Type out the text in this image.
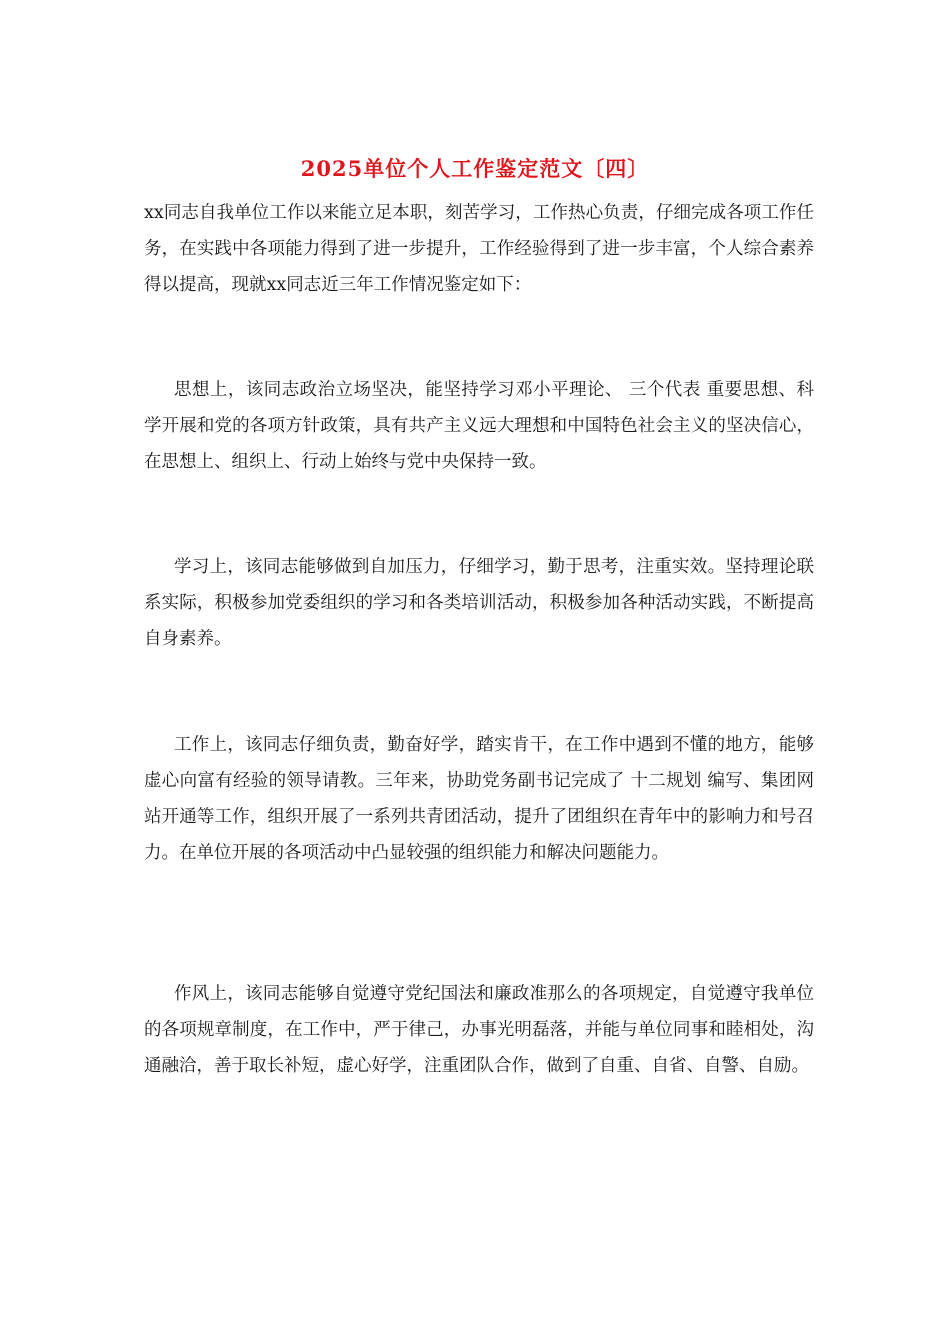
2025单位个人工作鉴定范文〔四〕

xx同志自我单位工作以来能立足本职，刻苦学习，工作热心负责，仔细完成各项工作任务，在实践中各项能力得到了进一步提升，工作经验得到了进一步丰富，个人综合素养得以提高，现就xx同志近三年工作情况鉴定如下：

思想上，该同志政治立场坚决，能坚持学习邓小平理论、 三个代表 重要思想、科学开展和党的各项方针政策，具有共产主义远大理想和中国特色社会主义的坚决信心，在思想上、组织上、行动上始终与党中央保持一致。

学习上，该同志能够做到自加压力，仔细学习，勤于思考，注重实效。坚持理论联系实际，积极参加党委组织的学习和各类培训活动，积极参加各种活动实践，不断提高自身素养。

工作上，该同志仔细负责，勤奋好学，踏实肯干，在工作中遇到不懂的地方，能够虚心向富有经验的领导请教。三年来，协助党务副书记完成了 十二规划 编写、集团网站开通等工作，组织开展了一系列共青团活动，提升了团组织在青年中的影响力和号召力。在单位开展的各项活动中凸显较强的组织能力和解决问题能力。

作风上，该同志能够自觉遵守党纪国法和廉政准那么的各项规定，自觉遵守我单位的各项规章制度，在工作中，严于律己，办事光明磊落，并能与单位同事和睦相处，沟通融洽，善于取长补短，虚心好学，注重团队合作，做到了自重、自省、自警、自励。
